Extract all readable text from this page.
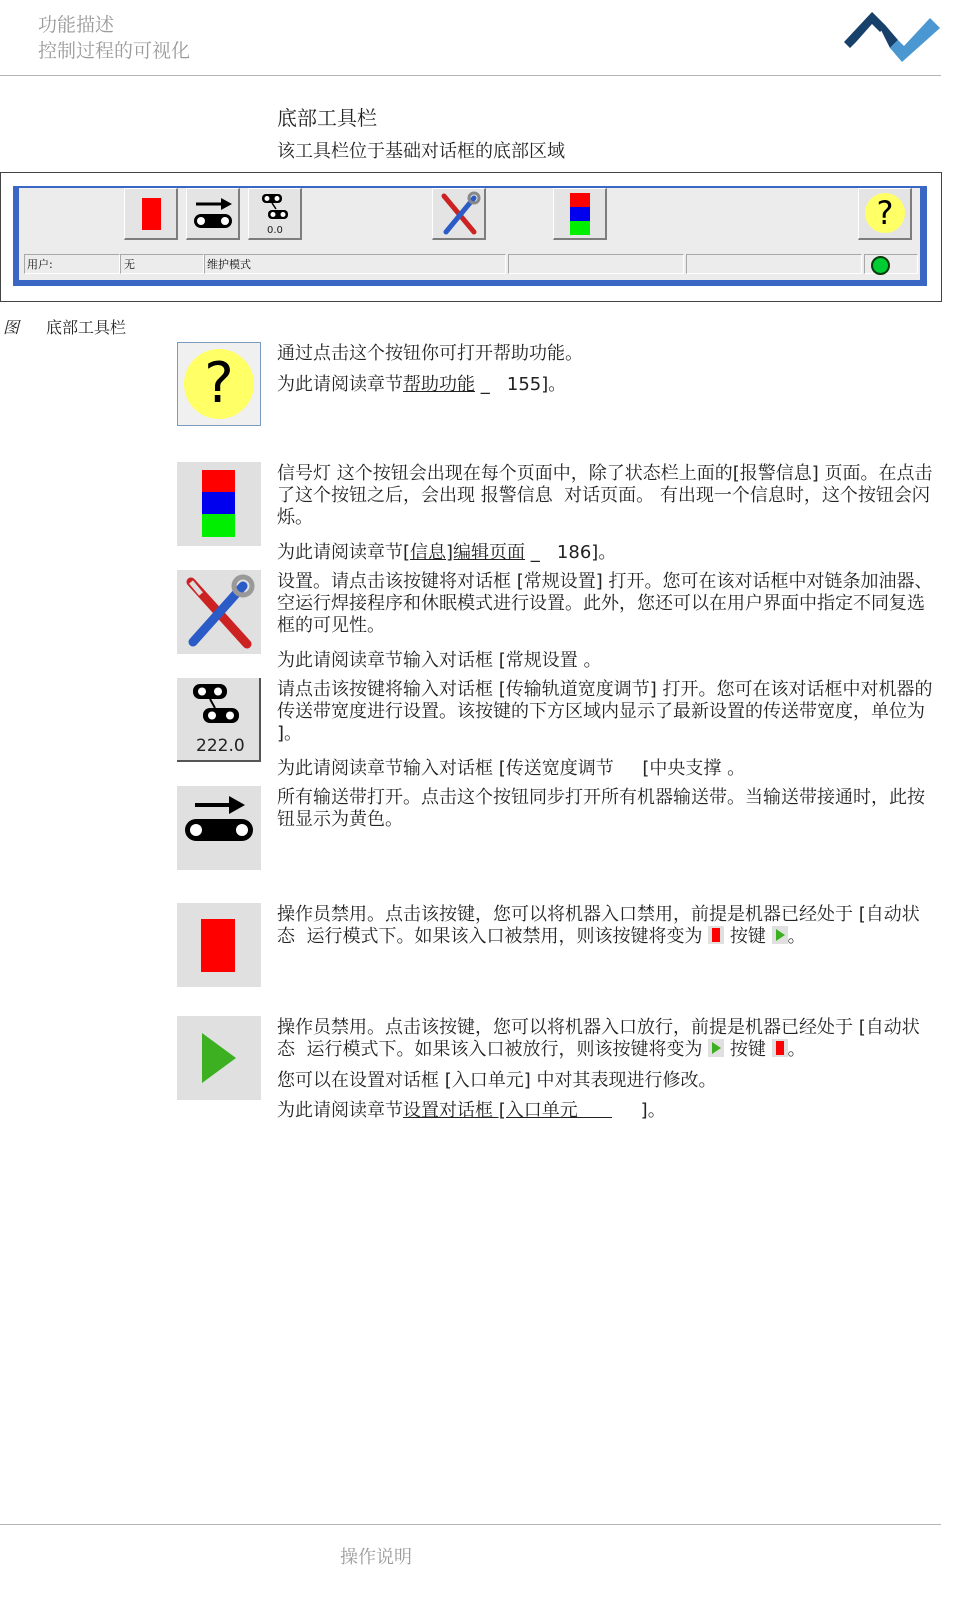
功能描述
控制过程的可视化
底部工具栏
该工具栏位于基础对话框的底部区域
0.0	?
用户:	无	维护模式
图 底部工具栏
?	通过点击这个按钮你可打开帮助功能。
为此请阅读章节帮助功能 _   155]。
信号灯 这个按钮会出现在每个页面中，除了状态栏上面的[报警信息] 页面。在点击了这个按钮之后，会出现 报警信息  对话页面。 有出现一个信息时，这个按钮会闪烁。
为此请阅读章节[信息]编辑页面 _   186]。
设置。请点击该按键将对话框 [常规设置] 打开。您可在该对话框中对链条加油器、空运行焊接程序和休眠模式进行设置。此外，您还可以在用户界面中指定不同复选框的可见性。
为此请阅读章节输入对话框 [常规设置 。
222.0
请点击该按键将输入对话框 [传输轨道宽度调节] 打开。您可在该对话框中对机器的传送带宽度进行设置。该按键的下方区域内显示了最新设置的传送带宽度，单位为        ]。
为此请阅读章节输入对话框 [传送宽度调节     [中央支撑 。
所有输送带打开。点击这个按钮同步打开所有机器输送带。当输送带接通时，此按钮显示为黄色。
操作员禁用。点击该按键，您可以将机器入口禁用，前提是机器已经处于 [自动状态  运行模式下。如果该入口被禁用，则该按键将变为
按键
。
操作员禁用。点击该按键，您可以将机器入口放行，前提是机器已经处于 [自动状态  运行模式下。如果该入口被放行，则该按键将变为
按键
。
您可以在设置对话框 [入口单元] 中对其表现进行修改。
为此请阅读章节设置对话框 [入口单元           ]。
操作说明
